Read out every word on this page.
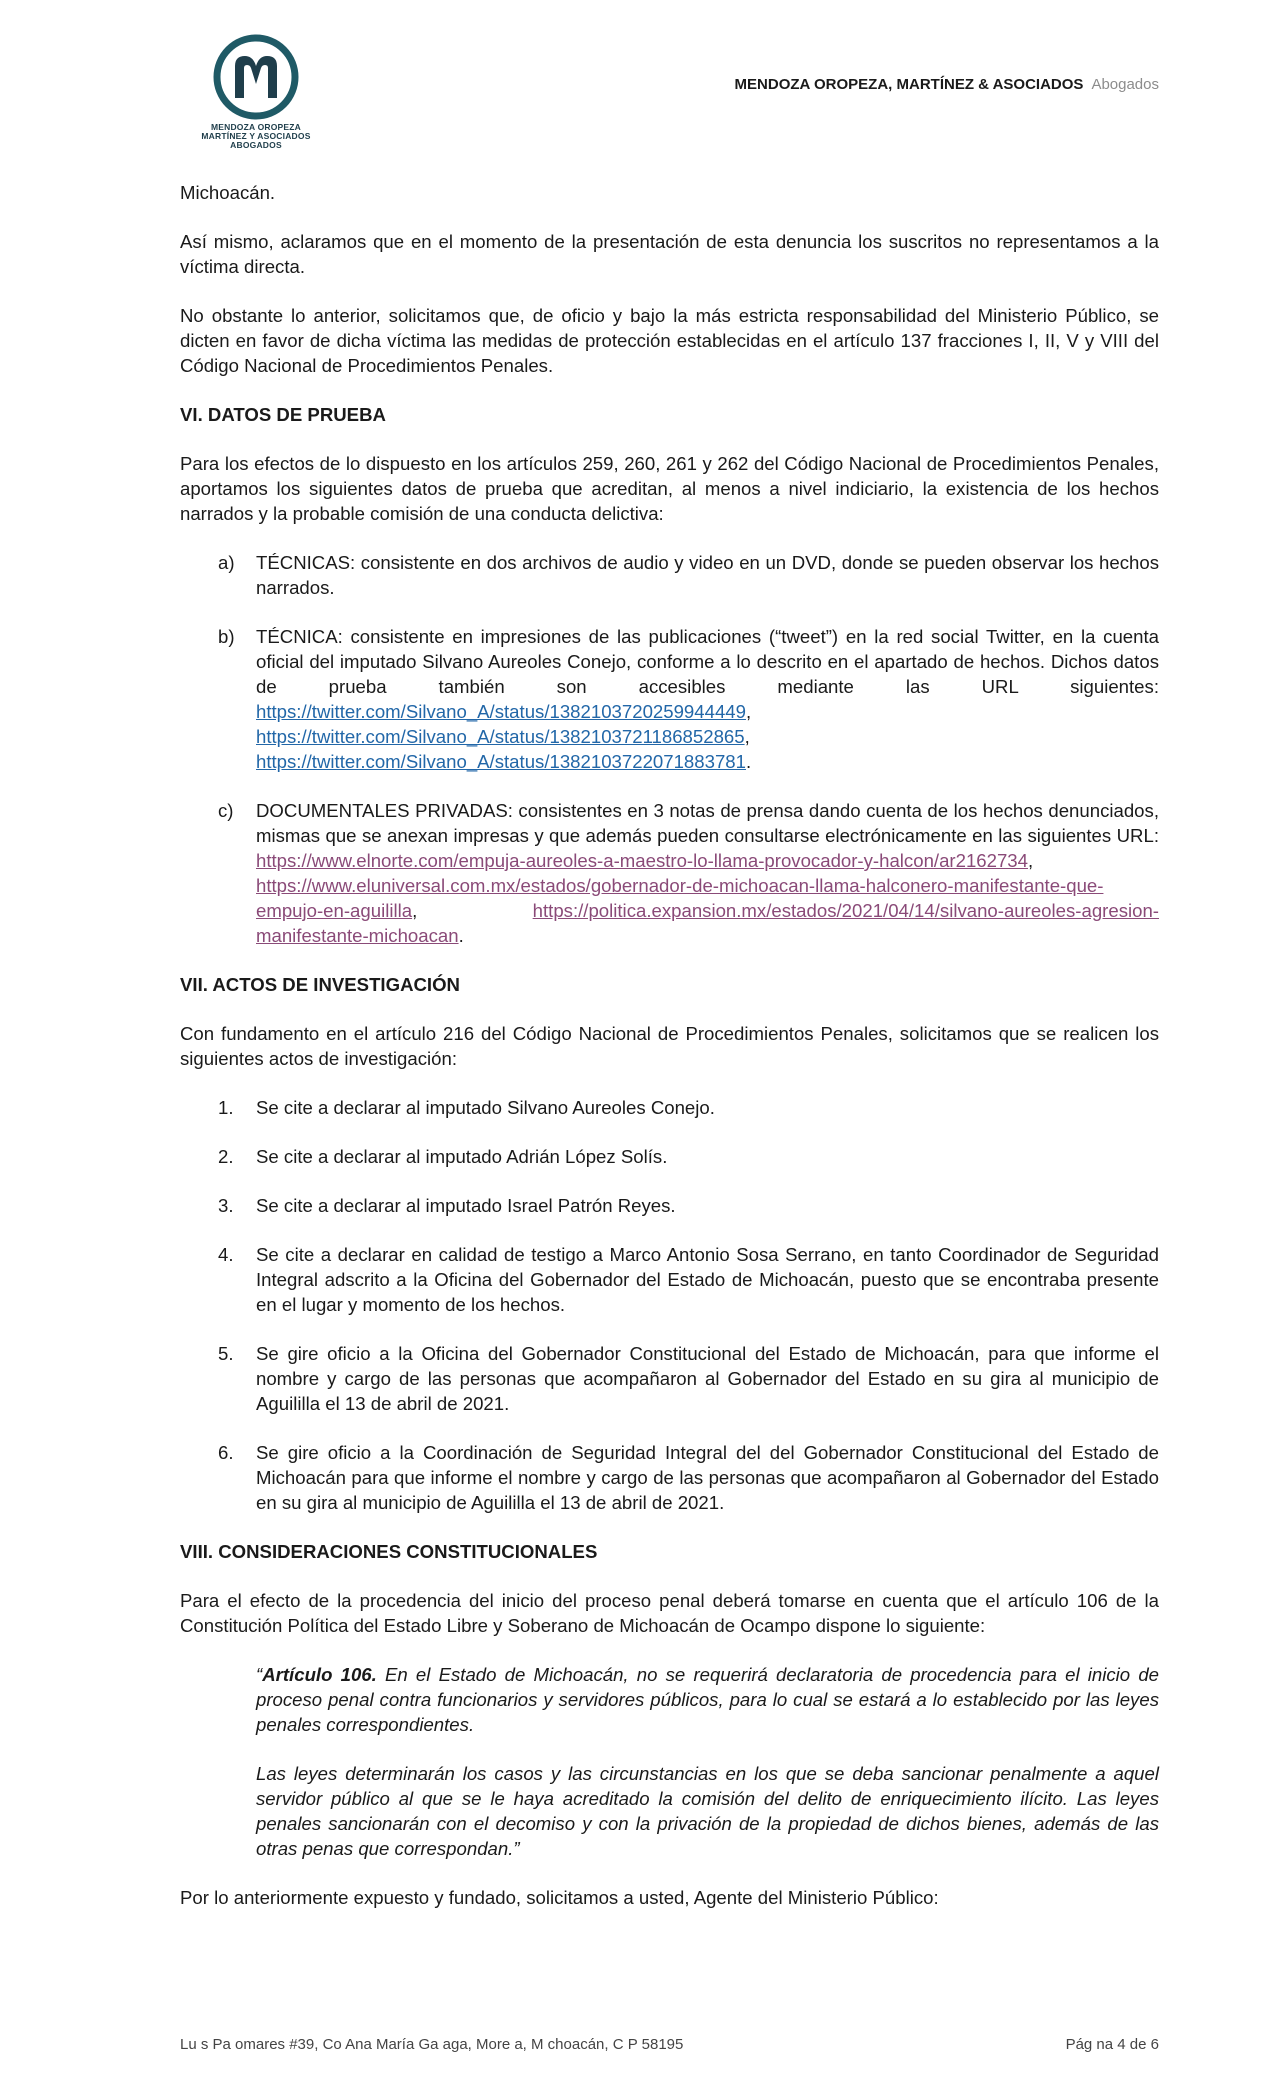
MENDOZA OROPEZA
MARTÍNEZ Y ASOCIADOS
ABOGADOS
MENDOZA OROPEZA, MARTÍNEZ & ASOCIADOS Abogados

Michoacán.

Así mismo, aclaramos que en el momento de la presentación de esta denuncia los suscritos no representamos a la víctima directa.

No obstante lo anterior, solicitamos que, de oficio y bajo la más estricta responsabilidad del Ministerio Público, se dicten en favor de dicha víctima las medidas de protección establecidas en el artículo 137 fracciones I, II, V y VIII del Código Nacional de Procedimientos Penales.

VI. DATOS DE PRUEBA

Para los efectos de lo dispuesto en los artículos 259, 260, 261 y 262 del Código Nacional de Procedimientos Penales, aportamos los siguientes datos de prueba que acreditan, al menos a nivel indiciario, la existencia de los hechos narrados y la probable comisión de una conducta delictiva:

a) TÉCNICAS: consistente en dos archivos de audio y video en un DVD, donde se pueden observar los hechos narrados.
b) TÉCNICA: consistente en impresiones de las publicaciones (“tweet”) en la red social Twitter, en la cuenta oficial del imputado Silvano Aureoles Conejo, conforme a lo descrito en el apartado de hechos. Dichos datos de prueba también son accesibles mediante las URL siguientes: https://twitter.com/Silvano_A/status/1382103720259944449, https://twitter.com/Silvano_A/status/1382103721186852865, https://twitter.com/Silvano_A/status/1382103722071883781.
c) DOCUMENTALES PRIVADAS: consistentes en 3 notas de prensa dando cuenta de los hechos denunciados, mismas que se anexan impresas y que además pueden consultarse electrónicamente en las siguientes URL: https://www.elnorte.com/empuja-aureoles-a-maestro-lo-llama-provocador-y-halcon/ar2162734, https://www.eluniversal.com.mx/estados/gobernador-de-michoacan-llama-halconero-manifestante-que-empujo-en-aguililla, https://politica.expansion.mx/estados/2021/04/14/silvano-aureoles-agresion-manifestante-michoacan.
VII. ACTOS DE INVESTIGACIÓN

Con fundamento en el artículo 216 del Código Nacional de Procedimientos Penales, solicitamos que se realicen los siguientes actos de investigación:

1. Se cite a declarar al imputado Silvano Aureoles Conejo.
2. Se cite a declarar al imputado Adrián López Solís.
3. Se cite a declarar al imputado Israel Patrón Reyes.
4. Se cite a declarar en calidad de testigo a Marco Antonio Sosa Serrano, en tanto Coordinador de Seguridad Integral adscrito a la Oficina del Gobernador del Estado de Michoacán, puesto que se encontraba presente en el lugar y momento de los hechos.
5. Se gire oficio a la Oficina del Gobernador Constitucional del Estado de Michoacán, para que informe el nombre y cargo de las personas que acompañaron al Gobernador del Estado en su gira al municipio de Aguililla el 13 de abril de 2021.
6. Se gire oficio a la Coordinación de Seguridad Integral del del Gobernador Constitucional del Estado de Michoacán para que informe el nombre y cargo de las personas que acompañaron al Gobernador del Estado en su gira al municipio de Aguililla el 13 de abril de 2021.
VIII. CONSIDERACIONES CONSTITUCIONALES

Para el efecto de la procedencia del inicio del proceso penal deberá tomarse en cuenta que el artículo 106 de la Constitución Política del Estado Libre y Soberano de Michoacán de Ocampo dispone lo siguiente:

“Artículo 106. En el Estado de Michoacán, no se requerirá declaratoria de procedencia para el inicio de proceso penal contra funcionarios y servidores públicos, para lo cual se estará a lo establecido por las leyes penales correspondientes.
Las leyes determinarán los casos y las circunstancias en los que se deba sancionar penalmente a aquel servidor público al que se le haya acreditado la comisión del delito de enriquecimiento ilícito. Las leyes penales sancionarán con el decomiso y con la privación de la propiedad de dichos bienes, además de las otras penas que correspondan.”

Por lo anteriormente expuesto y fundado, solicitamos a usted, Agente del Ministerio Público:

Lu s Pa omares #39, Co Ana María Ga aga, More a, M choacán, C P 58195	Pág na 4 de 6
